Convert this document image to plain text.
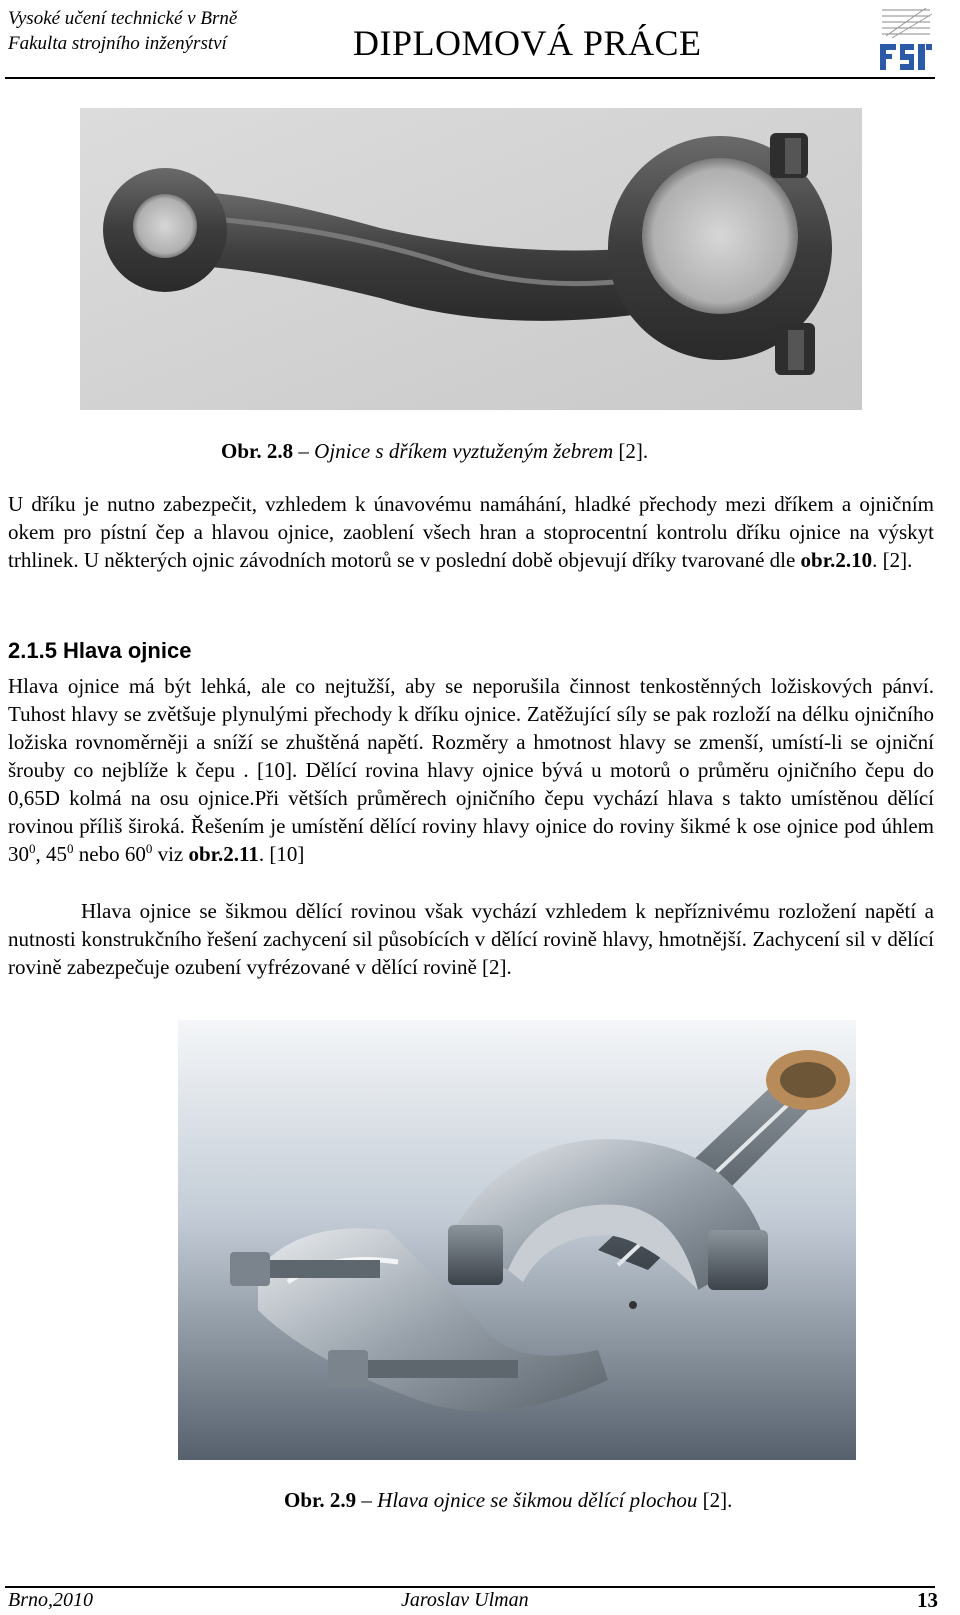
Vysoké učení technické v Brně
Fakulta strojního inženýrství	DIPLOMOVÁ PRÁCE
Obr. 2.8 – Ojnice s dříkem vyztuženým žebrem [2].
U dříku je nutno zabezpečit, vzhledem k únavovému namáhání, hladké přechody mezi dříkem a ojničním okem pro pístní čep a hlavou ojnice, zaoblení všech hran a stoprocentní kontrolu dříku ojnice na výskyt trhlinek. U některých ojnic závodních motorů se v poslední době objevují dříky tvarované dle obr.2.10. [2].
2.1.5 Hlava ojnice
Hlava ojnice má být lehká, ale co nejtužší, aby se neporušila činnost tenkostěnných ložiskových pánví. Tuhost hlavy se zvětšuje plynulými přechody k dříku ojnice. Zatěžující síly se pak rozloží na délku ojničního ložiska rovnoměrněji a sníží se zhuštěná napětí. Rozměry a hmotnost hlavy se zmenší, umístí-li se ojniční šrouby co nejblíže k čepu . [10]. Dělící rovina hlavy ojnice bývá u motorů o průměru ojničního čepu do 0,65D kolmá na osu ojnice.Při větších průměrech ojničního čepu vychází hlava s takto umístěnou dělící rovinou příliš široká. Řešením je umístění dělící roviny hlavy ojnice do roviny šikmé k ose ojnice pod úhlem $30^0$, $45^0$ nebo $60^0$ viz obr.2.11. [10]
Hlava ojnice se šikmou dělící rovinou však vychází vzhledem k nepříznivému rozložení napětí a nutnosti konstrukčního řešení zachycení sil působících v dělící rovině hlavy, hmotnější. Zachycení sil v dělící rovině zabezpečuje ozubení vyfrézované v dělící rovině [2].
Obr. 2.9 – Hlava ojnice se šikmou dělící plochou [2].
Brno,2010	Jaroslav Ulman	13
